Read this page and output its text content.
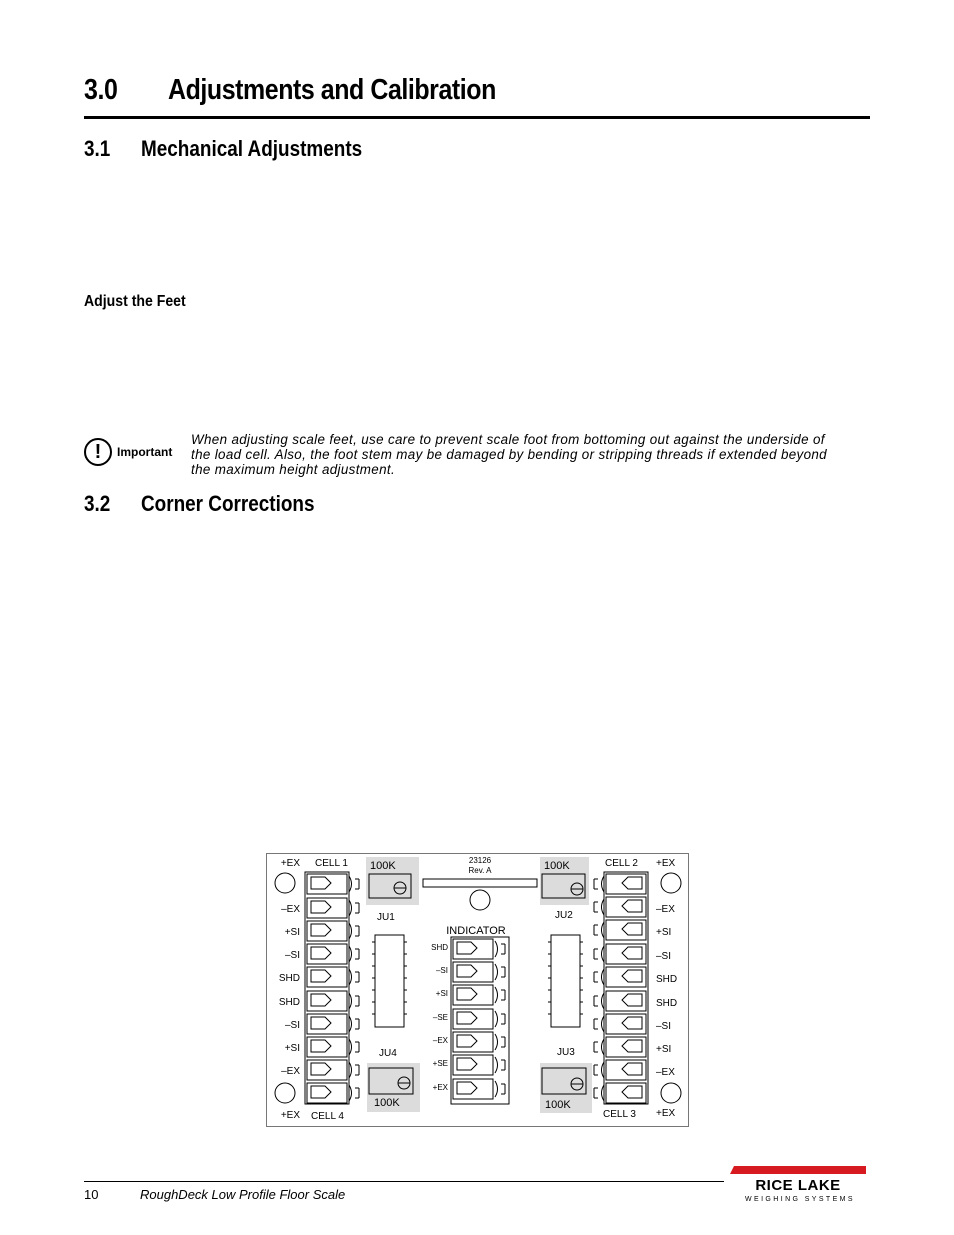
3.0 Adjustments and Calibration
3.1 Mechanical Adjustments
Adjust the Feet
!	Important
When adjusting scale feet, use care to prevent scale foot from bottoming out against the underside of the load cell. Also, the foot stem may be damaged by bending or stripping threads if extended beyond the maximum height adjustment.
3.2 Corner Corrections
23126
Rev. A
INDICATOR
100K
JU1
100K
JU2
100K
JU4
100K
JU3
CELL 1	CELL 2
CELL 3
CELL 4
+EX
–EX
+SI
–SI
SHD
SHD
–SI
+SI
–EX
+EX
+EX
–EX
+SI
–SI
SHD
SHD
–SI
+SI
–EX
+EX
SHD
–SI
+SI
–SE
–EX
+SE
+EX
10	RoughDeck Low Profile Floor Scale
RICE LAKE
WEIGHING SYSTEMS
